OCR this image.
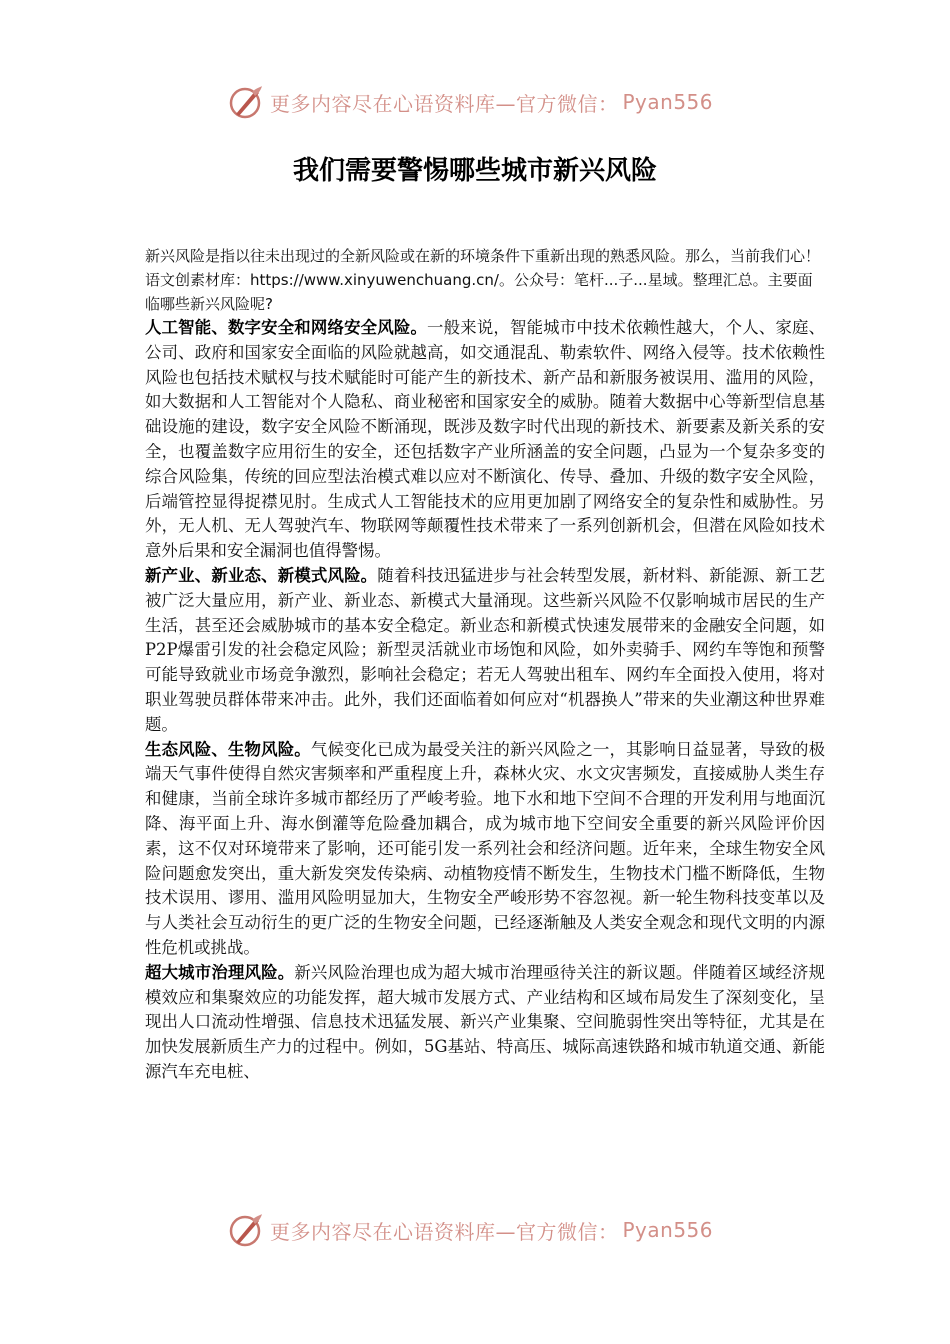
更多内容尽在心语资料库—官方微信： Pyan556
我们需要警惕哪些城市新兴风险

新兴风险是指以往未出现过的全新风险或在新的环境条件下重新出现的熟悉风险。那么，当前我们心！语文创素材库：https://www.xinyuwenchuang.cn/。公众号：笔杆...子...星域。整理汇总。主要面临哪些新兴风险呢?

人工智能、数字安全和网络安全风险。一般来说，智能城市中技术依赖性越大，个人、家庭、公司、政府和国家安全面临的风险就越高，如交通混乱、勒索软件、网络入侵等。技术依赖性风险也包括技术赋权与技术赋能时可能产生的新技术、新产品和新服务被误用、滥用的风险，如大数据和人工智能对个人隐私、商业秘密和国家安全的威胁。随着大数据中心等新型信息基础设施的建设，数字安全风险不断涌现，既涉及数字时代出现的新技术、新要素及新关系的安全，也覆盖数字应用衍生的安全，还包括数字产业所涵盖的安全问题，凸显为一个复杂多变的综合风险集，传统的回应型法治模式难以应对不断演化、传导、叠加、升级的数字安全风险，后端管控显得捉襟见肘。生成式人工智能技术的应用更加剧了网络安全的复杂性和威胁性。另外，无人机、无人驾驶汽车、物联网等颠覆性技术带来了一系列创新机会，但潜在风险如技术意外后果和安全漏洞也值得警惕。

新产业、新业态、新模式风险。随着科技迅猛进步与社会转型发展，新材料、新能源、新工艺被广泛大量应用，新产业、新业态、新模式大量涌现。这些新兴风险不仅影响城市居民的生产生活，甚至还会威胁城市的基本安全稳定。新业态和新模式快速发展带来的金融安全问题，如P2P爆雷引发的社会稳定风险；新型灵活就业市场饱和风险，如外卖骑手、网约车等饱和预警可能导致就业市场竞争激烈，影响社会稳定；若无人驾驶出租车、网约车全面投入使用，将对职业驾驶员群体带来冲击。此外，我们还面临着如何应对“机器换人”带来的失业潮这种世界难题。

生态风险、生物风险。气候变化已成为最受关注的新兴风险之一，其影响日益显著，导致的极端天气事件使得自然灾害频率和严重程度上升，森林火灾、水文灾害频发，直接威胁人类生存和健康，当前全球许多城市都经历了严峻考验。地下水和地下空间不合理的开发利用与地面沉降、海平面上升、海水倒灌等危险叠加耦合，成为城市地下空间安全重要的新兴风险评价因素，这不仅对环境带来了影响，还可能引发一系列社会和经济问题。近年来，全球生物安全风险问题愈发突出，重大新发突发传染病、动植物疫情不断发生，生物技术门槛不断降低，生物技术误用、谬用、滥用风险明显加大，生物安全严峻形势不容忽视。新一轮生物科技变革以及与人类社会互动衍生的更广泛的生物安全问题，已经逐渐触及人类安全观念和现代文明的内源性危机或挑战。

超大城市治理风险。新兴风险治理也成为超大城市治理亟待关注的新议题。伴随着区域经济规模效应和集聚效应的功能发挥，超大城市发展方式、产业结构和区域布局发生了深刻变化，呈现出人口流动性增强、信息技术迅猛发展、新兴产业集聚、空间脆弱性突出等特征，尤其是在加快发展新质生产力的过程中。例如，5G基站、特高压、城际高速铁路和城市轨道交通、新能源汽车充电桩、

更多内容尽在心语资料库—官方微信： Pyan556
